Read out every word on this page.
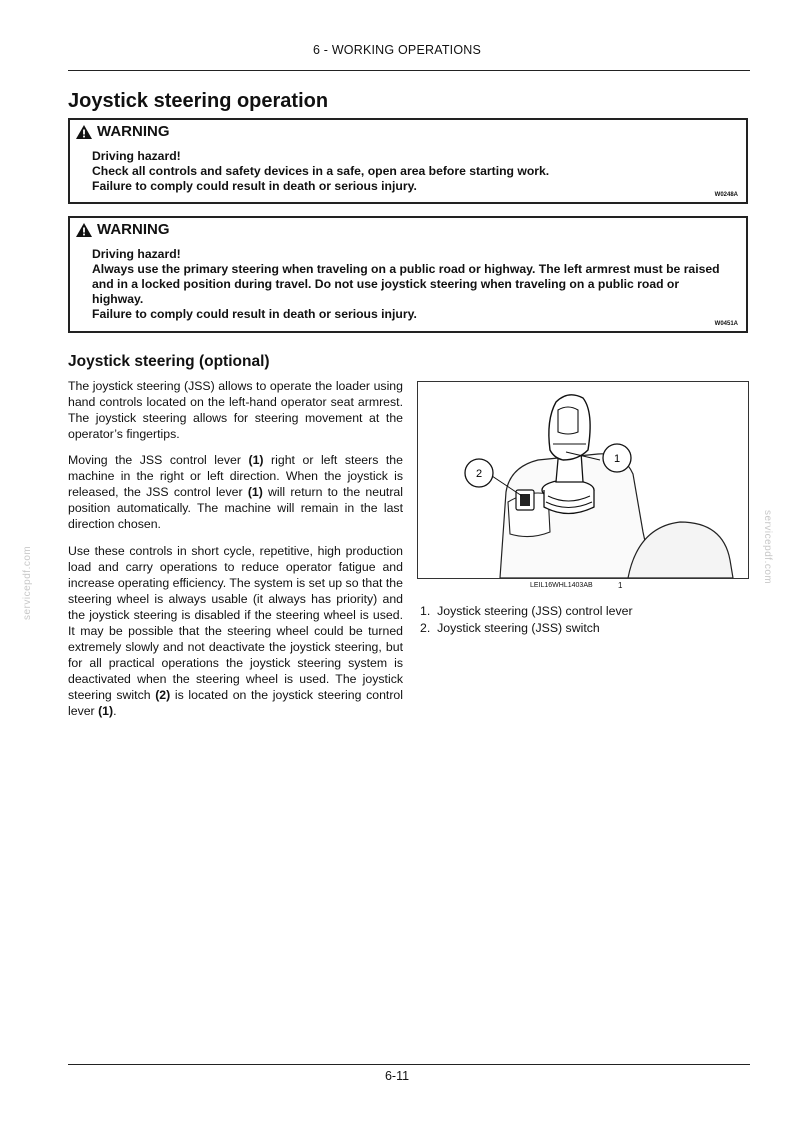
6 - WORKING OPERATIONS
Joystick steering operation
WARNING
Driving hazard!
Check all controls and safety devices in a safe, open area before starting work.
Failure to comply could result in death or serious injury.
W0248A
WARNING
Driving hazard!
Always use the primary steering when traveling on a public road or highway. The left armrest must be raised and in a locked position during travel. Do not use joystick steering when traveling on a public road or highway.
Failure to comply could result in death or serious injury.
W0451A
Joystick steering (optional)

The joystick steering (JSS) allows to operate the loader using hand controls located on the left-hand operator seat armrest. The joystick steering allows for steering movement at the operator’s fingertips.

Moving the JSS control lever (1) right or left steers the machine in the right or left direction. When the joystick is released, the JSS control lever (1) will return to the neutral position automatically. The machine will remain in the last direction chosen.

Use these controls in short cycle, repetitive, high production load and carry operations to reduce operator fatigue and increase operating efficiency. The system is set up so that the steering wheel is always usable (it always has priority) and the joystick steering is disabled if the steering wheel is used. It may be possible that the steering wheel could be turned extremely slowly and not deactivate the joystick steering, but for all practical operations the joystick steering system is deactivated when the steering wheel is used. The joystick steering switch (2) is located on the joystick steering control lever (1).

1
2
LEIL16WHL1403AB	1
1.  Joystick steering (JSS) control lever
2.  Joystick steering (JSS) switch
servicepdf.com	servicepdf.com
6-11
